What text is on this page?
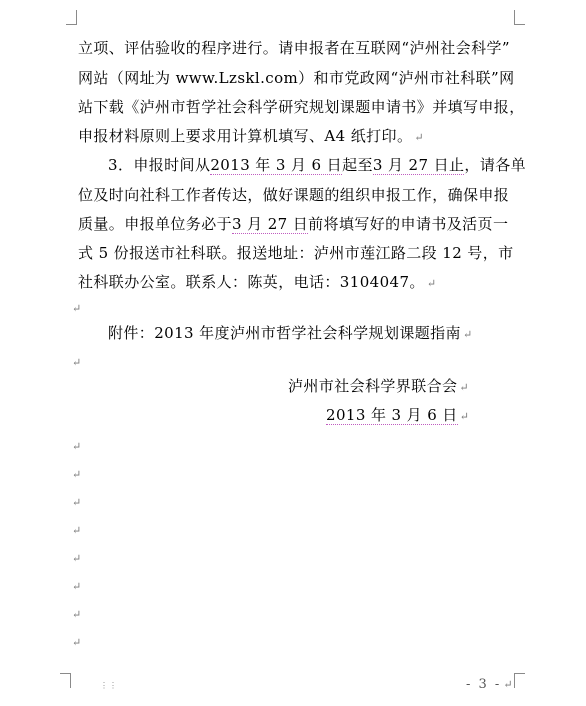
立项、评估验收的程序进行。请申报者在互联网“泸州社会科学”
网站（网址为 www.Lzskl.com）和市党政网“泸州市社科联”网
站下载《泸州市哲学社会科学研究规划课题申请书》并填写申报，
申报材料原则上要求用计算机填写、A4 纸打印。 ↵
3．申报时间从2013 年 3 月 6 日起至3 月 27 日止，请各单
位及时向社科工作者传达，做好课题的组织申报工作，确保申报
质量。申报单位务必于3 月 27 日前将填写好的申请书及活页一
式 5 份报送市社科联。报送地址：泸州市莲江路二段 12 号，市
社科联办公室。联系人：陈英，电话：3104047。 ↵
↵
附件：2013 年度泸州市哲学社会科学规划课题指南 ↵
↵
泸州市社会科学界联合会 ↵
2013 年 3 月 6 日 ↵
↵
↵
↵
↵
↵
↵
↵
↵
⋮⋮	- 3 - ↵
